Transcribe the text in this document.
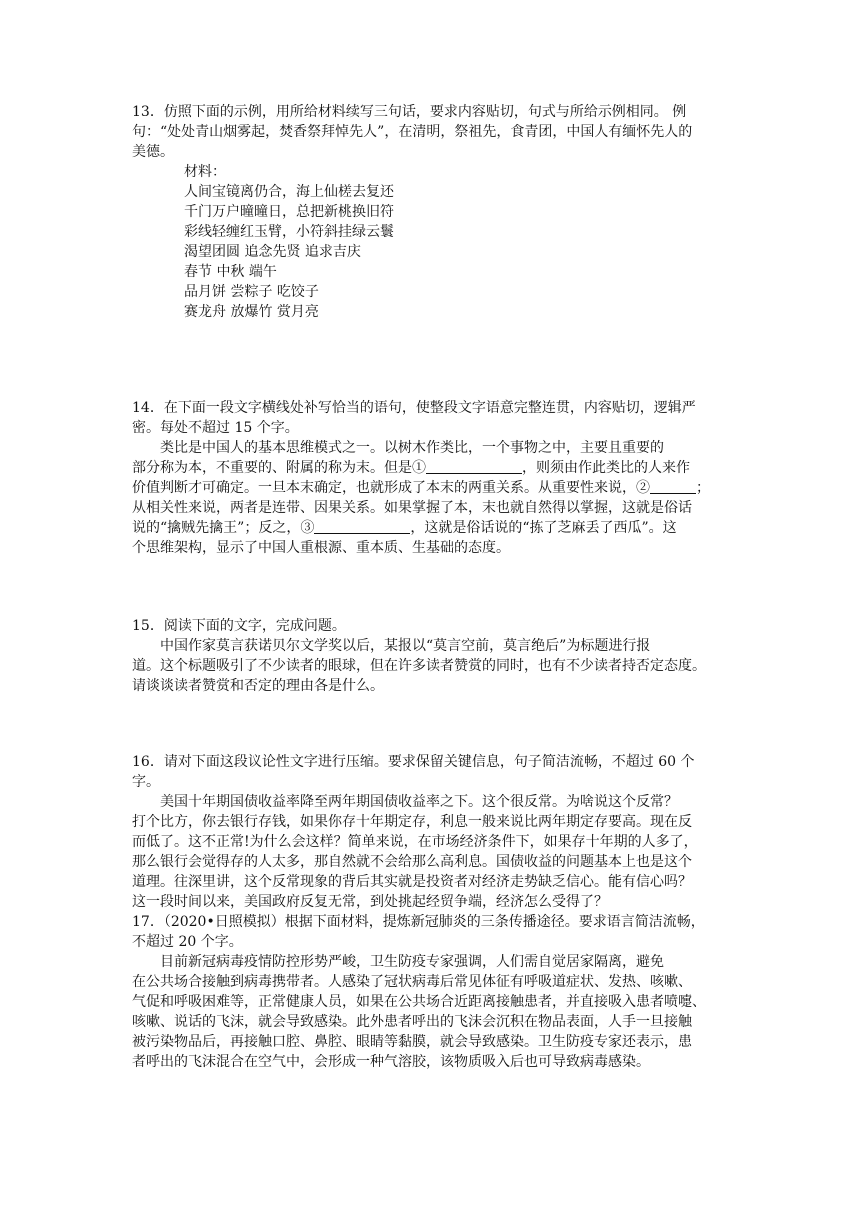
13．仿照下面的示例，用所给材料续写三句话，要求内容贴切，句式与所给示例相同。 例
句：“处处青山烟雾起，焚香祭拜悼先人”，在清明，祭祖先，食青团，中国人有缅怀先人的
美德。
材料：
人间宝镜离仍合，海上仙槎去复还
千门万户曈曈日，总把新桃换旧符
彩线轻缠红玉臂，小符斜挂绿云鬟
渴望团圆 追念先贤 追求吉庆
春节 中秋 端午
品月饼 尝粽子 吃饺子
赛龙舟 放爆竹 赏月亮
14．在下面一段文字横线处补写恰当的语句，使整段文字语意完整连贯，内容贴切，逻辑严
密。每处不超过 15 个字。
类比是中国人的基本思维模式之一。以树木作类比，一个事物之中，主要且重要的
部分称为本，不重要的、附属的称为末。但是①	，则须由作此类比的人来作
价值判断才可确定。一旦本末确定，也就形成了本末的两重关系。从重要性来说，②	；
从相关性来说，两者是连带、因果关系。如果掌握了本，末也就自然得以掌握，这就是俗话
说的“擒贼先擒王”；反之，③	，这就是俗话说的“拣了芝麻丢了西瓜”。这
个思维架构，显示了中国人重根源、重本质、生基础的态度。
15．阅读下面的文字，完成问题。
中国作家莫言获诺贝尔文学奖以后，某报以“莫言空前，莫言绝后”为标题进行报
道。这个标题吸引了不少读者的眼球，但在许多读者赞赏的同时，也有不少读者持否定态度。
请谈谈读者赞赏和否定的理由各是什么。
16．请对下面这段议论性文字进行压缩。要求保留关键信息，句子简洁流畅，不超过 60 个
字。
美国十年期国债收益率降至两年期国债收益率之下。这个很反常。为啥说这个反常？
打个比方，你去银行存钱，如果你存十年期定存，利息一般来说比两年期定存要高。现在反
而低了。这不正常!为什么会这样？简单来说，在市场经济条件下，如果存十年期的人多了，
那么银行会觉得存的人太多，那自然就不会给那么高利息。国债收益的问题基本上也是这个
道理。往深里讲，这个反常现象的背后其实就是投资者对经济走势缺乏信心。能有信心吗？
这一段时间以来，美国政府反复无常，到处挑起经贸争端，经济怎么受得了？
17．（2020•日照模拟）根据下面材料，提炼新冠肺炎的三条传播途径。要求语言简洁流畅，
不超过 20 个字。
目前新冠病毒疫情防控形势严峻，卫生防疫专家强调，人们需自觉居家隔离，避免
在公共场合接触到病毒携带者。人感染了冠状病毒后常见体征有呼吸道症状、发热、咳嗽、
气促和呼吸困难等，正常健康人员，如果在公共场合近距离接触患者，并直接吸入患者喷嚏、
咳嗽、说话的飞沫，就会导致感染。此外患者呼出的飞沫会沉积在物品表面，人手一旦接触
被污染物品后，再接触口腔、鼻腔、眼睛等黏膜，就会导致感染。卫生防疫专家还表示，患
者呼出的飞沫混合在空气中，会形成一种气溶胶，该物质吸入后也可导致病毒感染。
